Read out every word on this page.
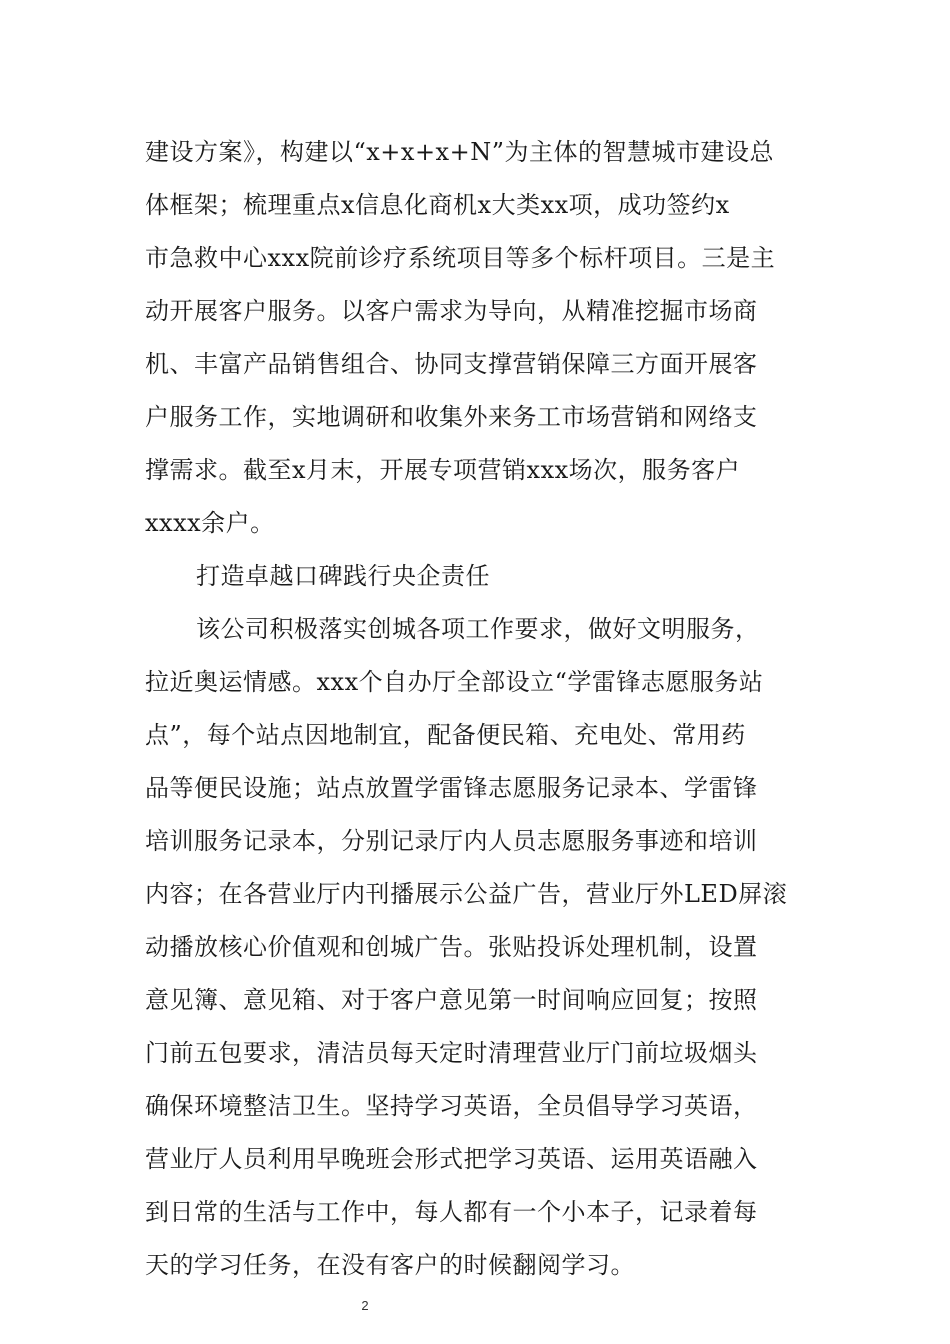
建设方案》，构建以“x+x+x+N”为主体的智慧城市建设总
体框架；梳理重点x信息化商机x大类xx项，成功签约x
市急救中心xxx院前诊疗系统项目等多个标杆项目。三是主
动开展客户服务。以客户需求为导向，从精准挖掘市场商
机、丰富产品销售组合、协同支撑营销保障三方面开展客
户服务工作，实地调研和收集外来务工市场营销和网络支
撑需求。截至x月末，开展专项营销xxx场次，服务客户
xxxx余户。
打造卓越口碑践行央企责任
该公司积极落实创城各项工作要求，做好文明服务，
拉近奥运情感。xxx个自办厅全部设立“学雷锋志愿服务站
点”，每个站点因地制宜，配备便民箱、充电处、常用药
品等便民设施；站点放置学雷锋志愿服务记录本、学雷锋
培训服务记录本，分别记录厅内人员志愿服务事迹和培训
内容；在各营业厅内刊播展示公益广告，营业厅外LED屏滚
动播放核心价值观和创城广告。张贴投诉处理机制，设置
意见簿、意见箱、对于客户意见第一时间响应回复；按照
门前五包要求，清洁员每天定时清理营业厅门前垃圾烟头
确保环境整洁卫生。坚持学习英语，全员倡导学习英语，
营业厅人员利用早晚班会形式把学习英语、运用英语融入
到日常的生活与工作中，每人都有一个小本子，记录着每
天的学习任务，在没有客户的时候翻阅学习。
2
